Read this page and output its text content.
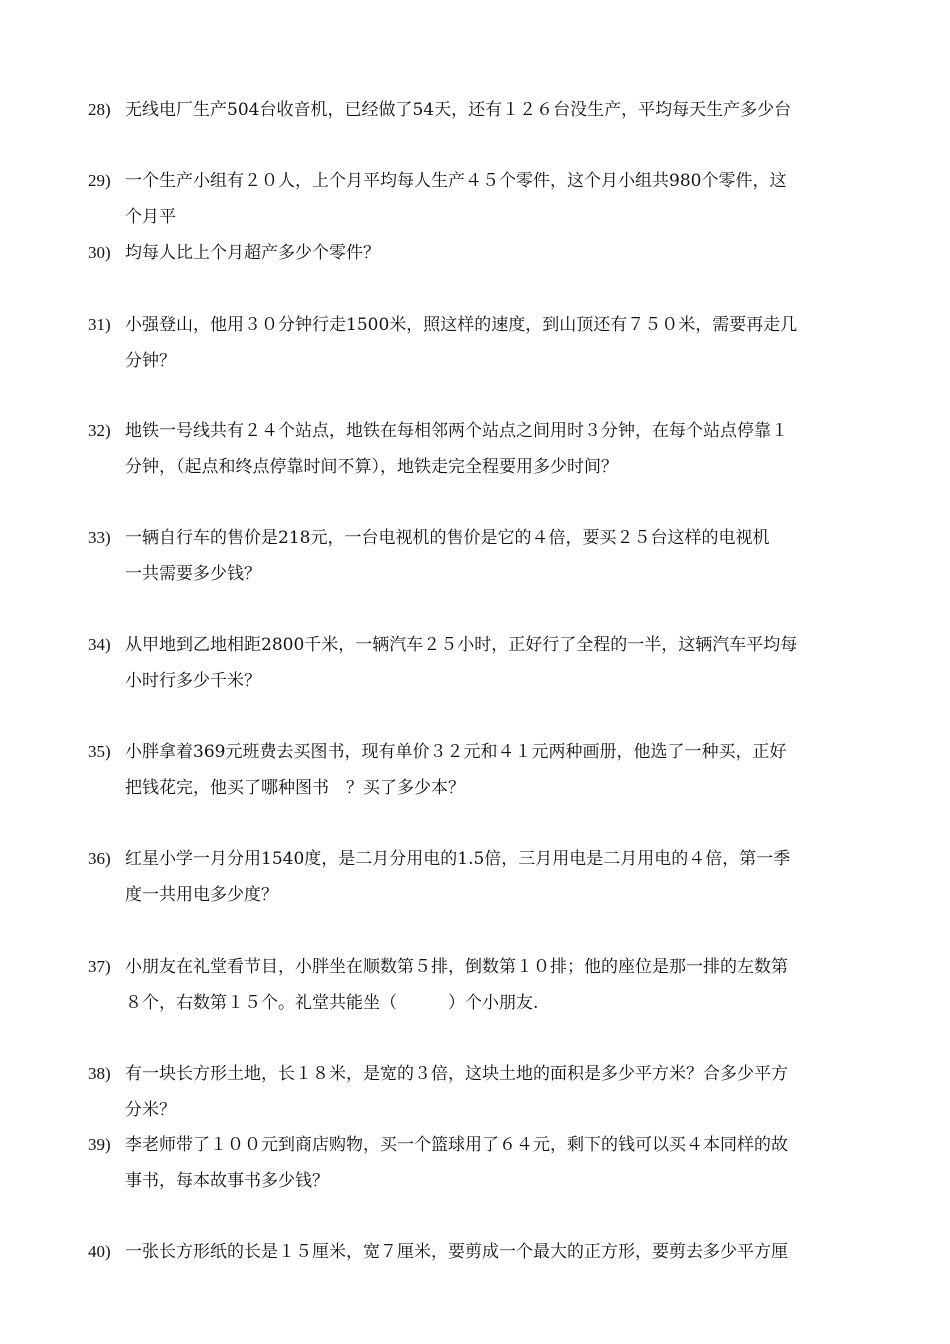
28) 无线电厂生产504台收音机，已经做了54天，还有１２６台没生产，平均每天生产多少台
29) 一个生产小组有２０人，上个月平均每人生产４５个零件，这个月小组共980个零件，这
个月平
30) 均每人比上个月超产多少个零件？
31) 小强登山，他用３０分钟行走1500米，照这样的速度，到山顶还有７５０米，需要再走几
分钟？
32) 地铁一号线共有２４个站点，地铁在每相邻两个站点之间用时３分钟，在每个站点停靠１
分钟，（起点和终点停靠时间不算），地铁走完全程要用多少时间？
33) 一辆自行车的售价是218元，一台电视机的售价是它的４倍，要买２５台这样的电视机
一共需要多少钱？
34) 从甲地到乙地相距2800千米，一辆汽车２５小时，正好行了全程的一半，这辆汽车平均每
小时行多少千米？
35) 小胖拿着369元班费去买图书，现有单价３２元和４１元两种画册，他选了一种买，正好
把钱花完，他买了哪种图书　？买了多少本？
36) 红星小学一月分用1540度，是二月分用电的1.5倍，三月用电是二月用电的４倍，第一季
度一共用电多少度？
37) 小朋友在礼堂看节目，小胖坐在顺数第５排，倒数第１０排；他的座位是那一排的左数第
８个，右数第１５个。礼堂共能坐（　　　）个小朋友.
38) 有一块长方形土地，长１８米，是宽的３倍，这块土地的面积是多少平方米？合多少平方
分米？
39) 李老师带了１００元到商店购物，买一个篮球用了６４元，剩下的钱可以买４本同样的故
事书，每本故事书多少钱？
40) 一张长方形纸的长是１５厘米，宽７厘米，要剪成一个最大的正方形，要剪去多少平方厘
